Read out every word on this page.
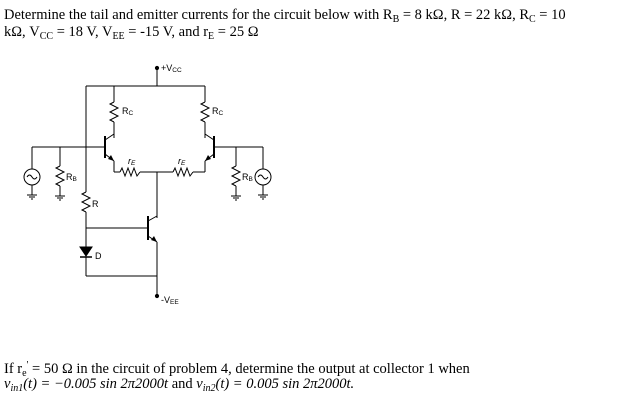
Determine the tail and emitter currents for the circuit below with $R_B = 8$ kΩ, R = 22 kΩ, $R_C = 10$
kΩ, $V_{CC} = 18$ V, $V_{EE} = -15$ V, and $r_E = 25$ Ω
+VCC
RC	RC
rE	rE
RB	RB
R
D
-VEE
If $r_e' = 50$ Ω in the circuit of problem 4, determine the output at collector 1 when
$v_{in1}(t) = -0.005$ sin 2π2000t and $v_{in2}(t) = 0.005$ sin 2π2000t.
